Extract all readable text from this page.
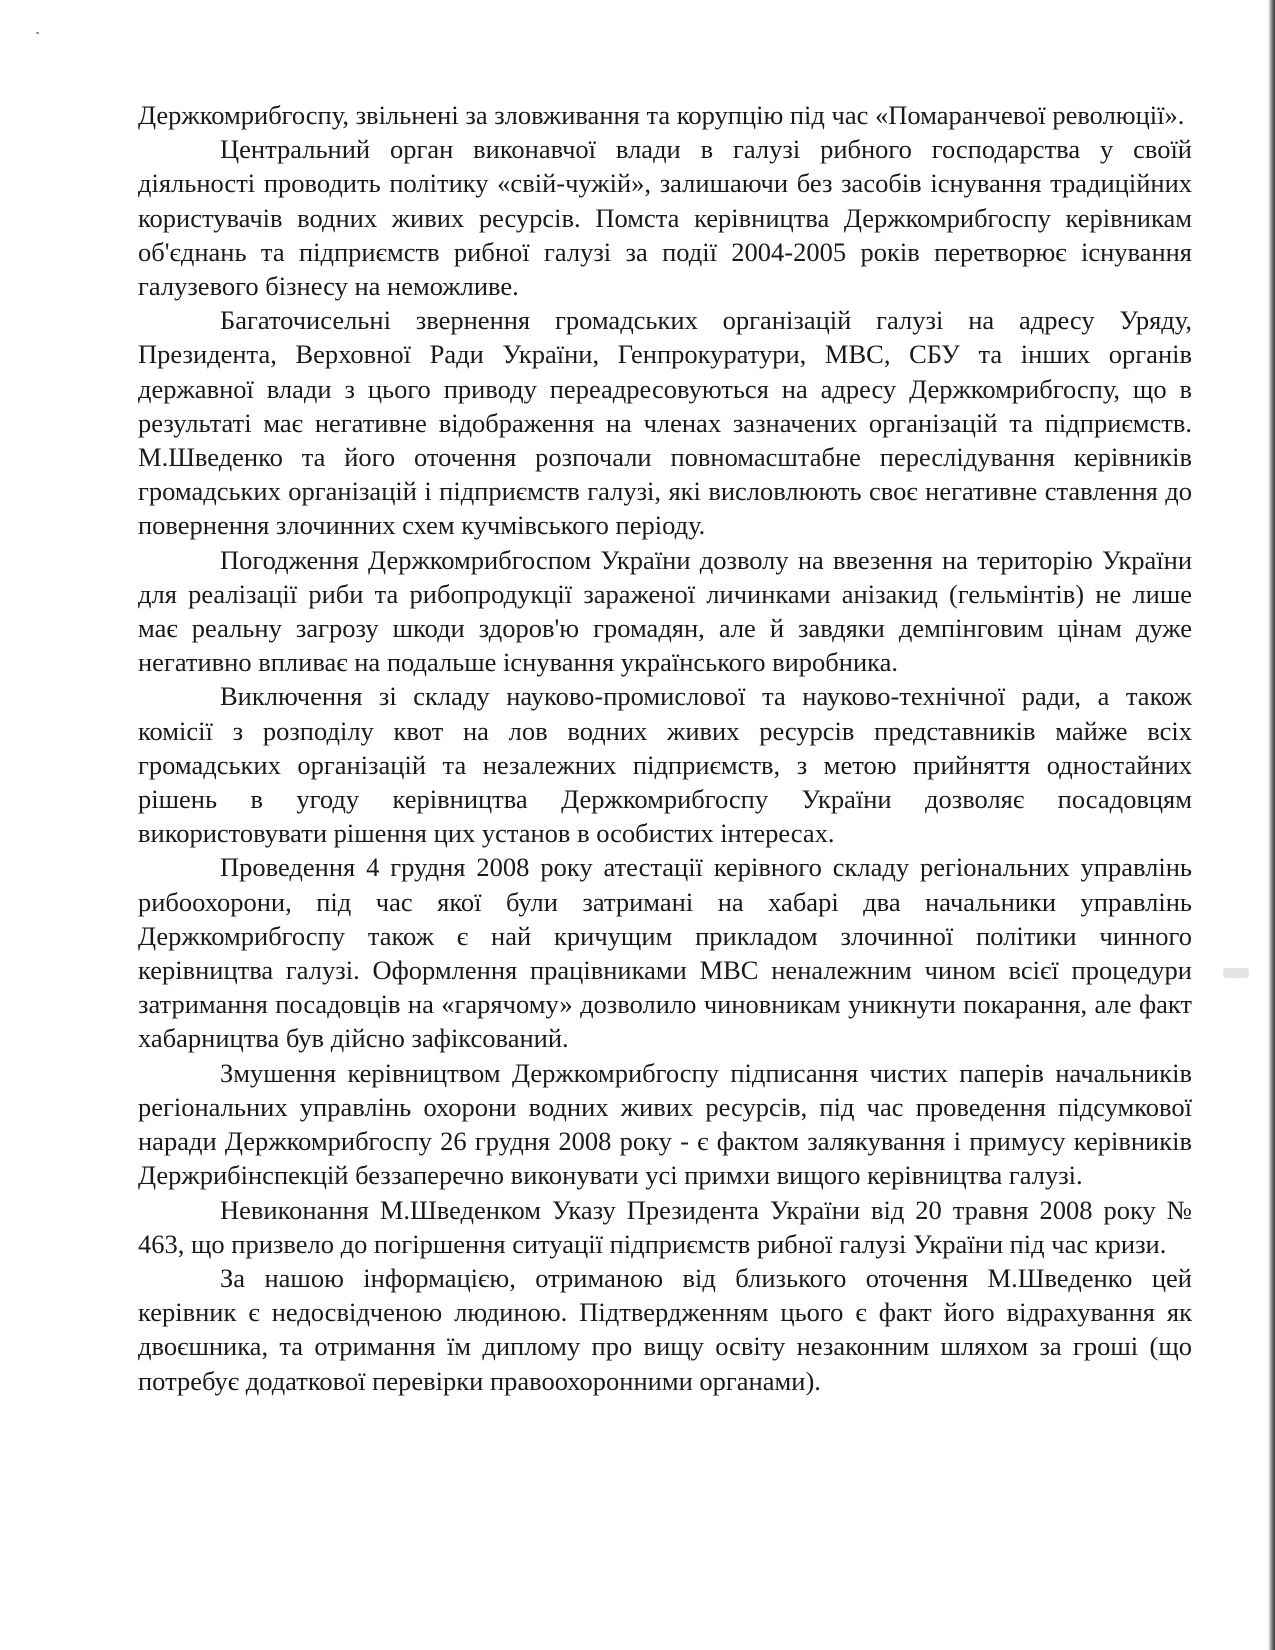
Держкомрибгоспу, звільнені за зловживання та корупцію під час «Помаранчевої революції».

Центральний орган виконавчої влади в галузі рибного господарства у своїй діяльності проводить політику «свій-чужій», залишаючи без засобів існування традиційних користувачів водних живих ресурсів. Помста керівництва Держкомрибгоспу керівникам об'єднань та підприємств рибної галузі за події 2004-2005 років перетворює існування галузевого бізнесу на неможливе.

Багаточисельні звернення громадських організацій галузі на адресу Уряду, Президента, Верховної Ради України, Генпрокуратури, МВС, СБУ та інших органів державної влади з цього приводу переадресовуються на адресу Держкомрибгоспу, що в результаті має негативне відображення на членах зазначених організацій та підприємств. М.Шведенко та його оточення розпочали повномасштабне переслідування керівників громадських організацій і підприємств галузі, які висловлюють своє негативне ставлення до повернення злочинних схем кучмівського періоду.

Погодження Держкомрибгоспом України дозволу на ввезення на територію України для реалізації риби та рибопродукції зараженої личинками анізакид (гельмінтів) не лише має реальну загрозу шкоди здоров'ю громадян, але й завдяки демпінговим цінам дуже негативно впливає на подальше існування українського виробника.

Виключення зі складу науково-промислової та науково-технічної ради, а також комісії з розподілу квот на лов водних живих ресурсів представників майже всіх громадських організацій та незалежних підприємств, з метою прийняття одностайних рішень в угоду керівництва Держкомрибгоспу України дозволяє посадовцям використовувати рішення цих установ в особистих інтересах.

Проведення 4 грудня 2008 року атестації керівного складу регіональних управлінь рибоохорони, під час якої були затримані на хабарі два начальники управлінь Держкомрибгоспу також є най кричущим прикладом злочинної політики чинного керівництва галузі. Оформлення працівниками МВС неналежним чином всієї процедури затримання посадовців на «гарячому» дозволило чиновникам уникнути покарання, але факт хабарництва був дійсно зафіксований.

Змушення керівництвом Держкомрибгоспу підписання чистих паперів начальників регіональних управлінь охорони водних живих ресурсів, під час проведення підсумкової наради Держкомрибгоспу 26 грудня 2008 року - є фактом залякування і примусу керівників Держрибінспекцій беззаперечно виконувати усі примхи вищого керівництва галузі.

Невиконання М.Шведенком Указу Президента України від 20 травня 2008 року № 463, що призвело до погіршення ситуації підприємств рибної галузі України під час кризи.

За нашою інформацією, отриманою від близького оточення М.Шведенко цей керівник є недосвідченою людиною. Підтвердженням цього є факт його відрахування як двоєшника, та отримання їм диплому про вищу освіту незаконним шляхом за гроші (що потребує додаткової перевірки правоохоронними органами).
